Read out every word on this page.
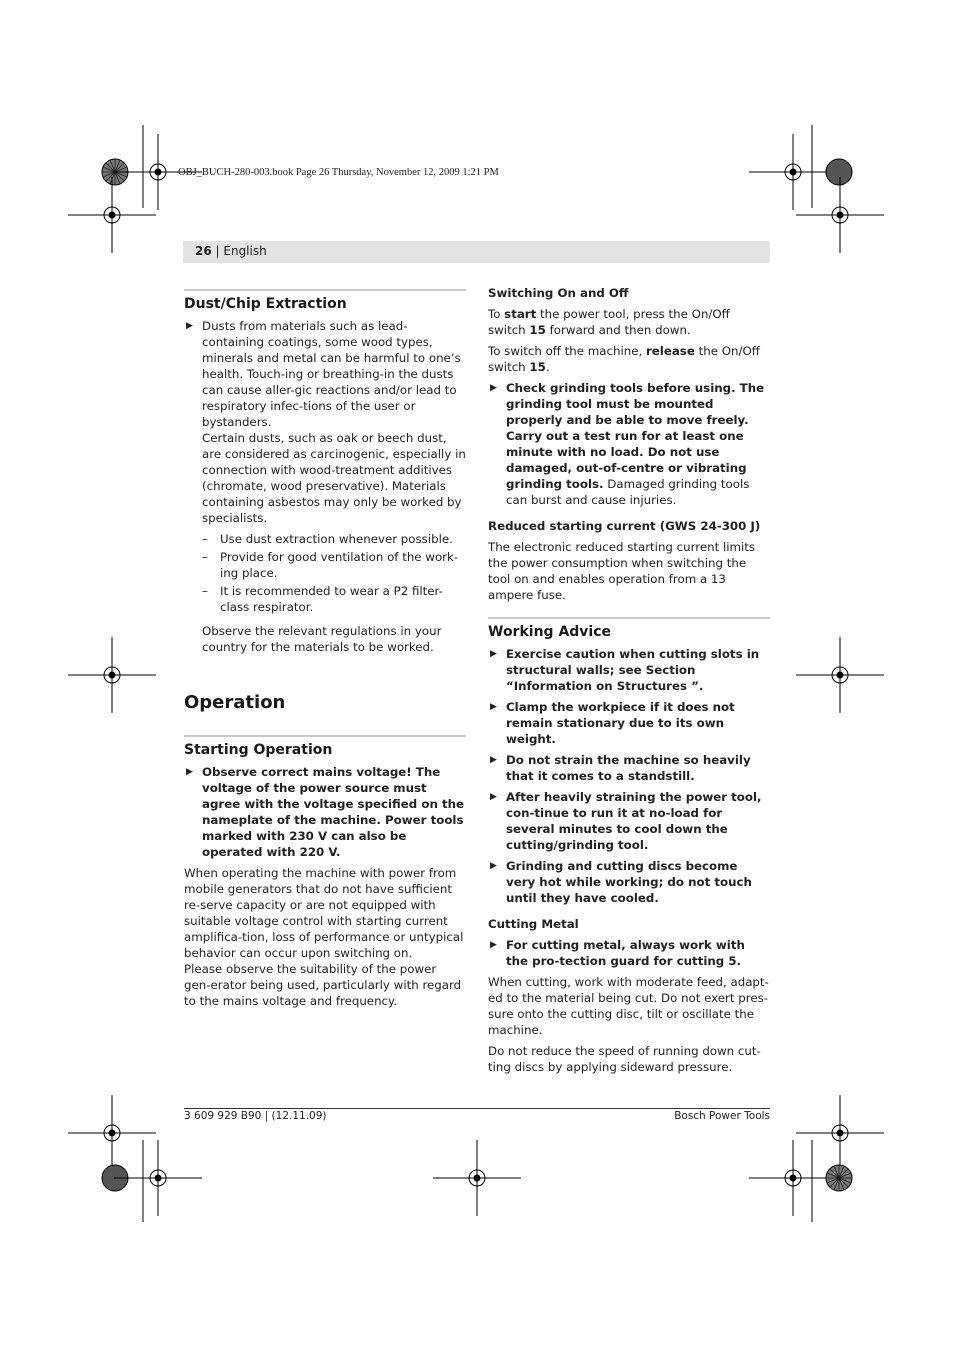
OBJ_BUCH-280-003.book Page 26 Thursday, November 12, 2009 1:21 PM
26 | English
Dust/Chip Extraction
▶ Dusts from materials such as lead-containing coatings, some wood types, minerals and metal can be harmful to one’s health. Touch-ing or breathing-in the dusts can cause aller-gic reactions and/or lead to respiratory infec-tions of the user or bystanders.

Certain dusts, such as oak or beech dust, are considered as carcinogenic, especially in connection with wood-treatment additives (chromate, wood preservative). Materials containing asbestos may only be worked by specialists.

– Use dust extraction whenever possible.
– Provide for good ventilation of the work-ing place.
– It is recommended to wear a P2 filter-class respirator.

Observe the relevant regulations in your country for the materials to be worked.

Operation
Starting Operation
▶ Observe correct mains voltage! The voltage of the power source must agree with the voltage specified on the nameplate of the machine. Power tools marked with 230 V can also be operated with 220 V.

When operating the machine with power from mobile generators that do not have sufficient re-serve capacity or are not equipped with suitable voltage control with starting current amplifica-tion, loss of performance or untypical behavior can occur upon switching on.

Please observe the suitability of the power gen-erator being used, particularly with regard to the mains voltage and frequency.

Switching On and Off

To start the power tool, press the On/Off switch 15 forward and then down.

To switch off the machine, release the On/Off switch 15.

▶ Check grinding tools before using. The grinding tool must be mounted properly and be able to move freely. Carry out a test run for at least one minute with no load. Do not use damaged, out-of-centre or vibrating grinding tools. Damaged grinding tools can burst and cause injuries.
Reduced starting current (GWS 24-300 J)

The electronic reduced starting current limits the power consumption when switching the tool on and enables operation from a 13 ampere fuse.

Working Advice
▶ Exercise caution when cutting slots in structural walls; see Section “Information on Structures ”.
▶ Clamp the workpiece if it does not remain stationary due to its own weight.
▶ Do not strain the machine so heavily that it comes to a standstill.
▶ After heavily straining the power tool, con-tinue to run it at no-load for several minutes to cool down the cutting/grinding tool.
▶ Grinding and cutting discs become very hot while working; do not touch until they have cooled.
Cutting Metal
▶ For cutting metal, always work with the pro-tection guard for cutting 5.

When cutting, work with moderate feed, adapt-ed to the material being cut. Do not exert pres-sure onto the cutting disc, tilt or oscillate the machine.

Do not reduce the speed of running down cut-ting discs by applying sideward pressure.

3 609 929 B90 | (12.11.09)	Bosch Power Tools
